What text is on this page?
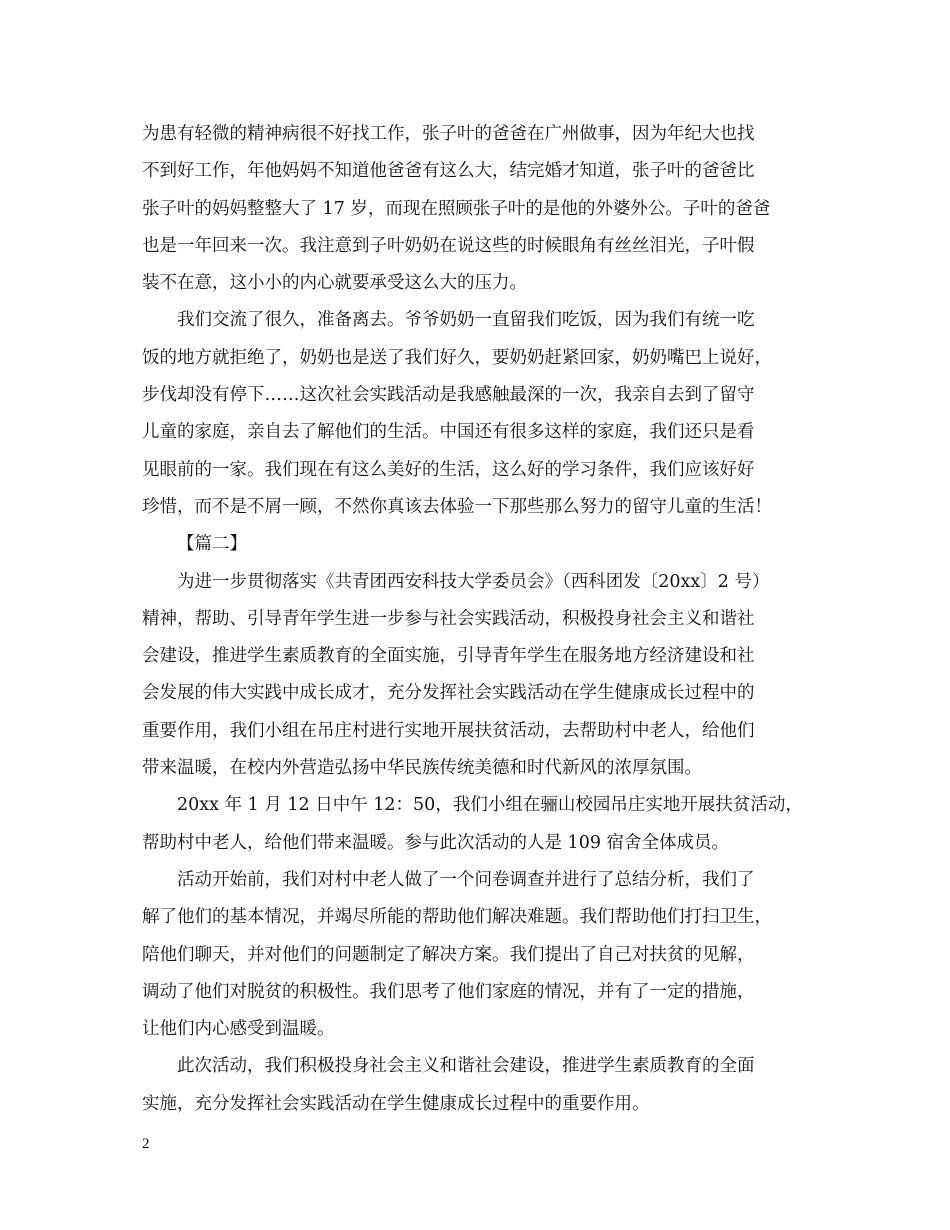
为患有轻微的精神病很不好找工作，张子叶的爸爸在广州做事，因为年纪大也找

不到好工作，年他妈妈不知道他爸爸有这么大，结完婚才知道，张子叶的爸爸比

张子叶的妈妈整整大了 17 岁，而现在照顾张子叶的是他的外婆外公。子叶的爸爸

也是一年回来一次。我注意到子叶奶奶在说这些的时候眼角有丝丝泪光，子叶假

装不在意，这小小的内心就要承受这么大的压力。

我们交流了很久，准备离去。爷爷奶奶一直留我们吃饭，因为我们有统一吃

饭的地方就拒绝了，奶奶也是送了我们好久，要奶奶赶紧回家，奶奶嘴巴上说好，

步伐却没有停下……这次社会实践活动是我感触最深的一次，我亲自去到了留守

儿童的家庭，亲自去了解他们的生活。中国还有很多这样的家庭，我们还只是看

见眼前的一家。我们现在有这么美好的生活，这么好的学习条件，我们应该好好

珍惜，而不是不屑一顾，不然你真该去体验一下那些那么努力的留守儿童的生活！

【篇二】

为进一步贯彻落实《共青团西安科技大学委员会》（西科团发〔20xx〕2 号）

精神，帮助、引导青年学生进一步参与社会实践活动，积极投身社会主义和谐社

会建设，推进学生素质教育的全面实施，引导青年学生在服务地方经济建设和社

会发展的伟大实践中成长成才，充分发挥社会实践活动在学生健康成长过程中的

重要作用，我们小组在吊庄村进行实地开展扶贫活动，去帮助村中老人，给他们

带来温暖，在校内外营造弘扬中华民族传统美德和时代新风的浓厚氛围。

20xx 年 1 月 12 日中午 12：50，我们小组在骊山校园吊庄实地开展扶贫活动，

帮助村中老人，给他们带来温暖。参与此次活动的人是 109 宿舍全体成员。

活动开始前，我们对村中老人做了一个问卷调查并进行了总结分析，我们了

解了他们的基本情况，并竭尽所能的帮助他们解决难题。我们帮助他们打扫卫生，

陪他们聊天，并对他们的问题制定了解决方案。我们提出了自己对扶贫的见解，

调动了他们对脱贫的积极性。我们思考了他们家庭的情况，并有了一定的措施，

让他们内心感受到温暖。

此次活动，我们积极投身社会主义和谐社会建设，推进学生素质教育的全面

实施，充分发挥社会实践活动在学生健康成长过程中的重要作用。

2
